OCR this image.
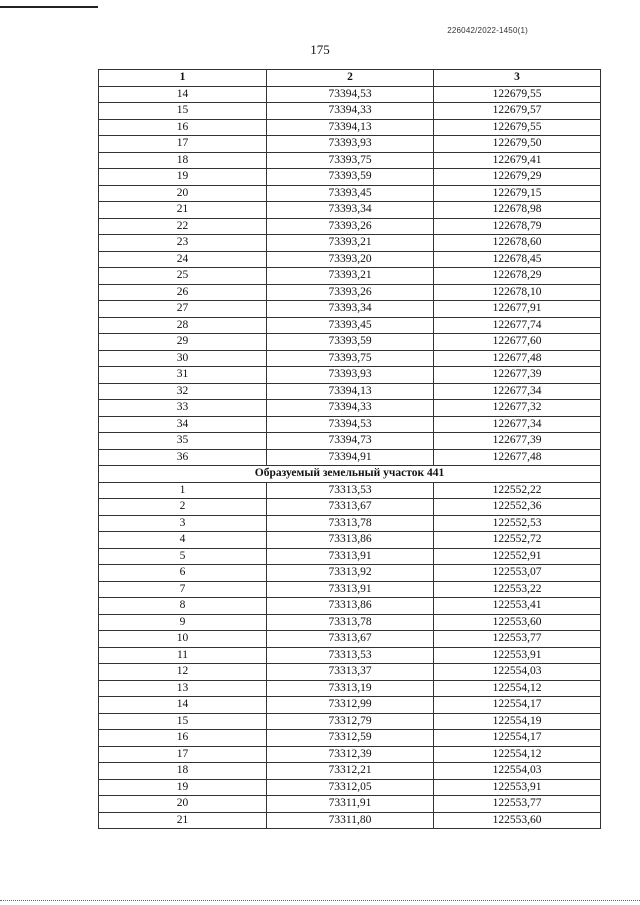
226042/2022-1450(1)
175
1	2	3
14	73394,53	122679,55
15	73394,33	122679,57
16	73394,13	122679,55
17	73393,93	122679,50
18	73393,75	122679,41
19	73393,59	122679,29
20	73393,45	122679,15
21	73393,34	122678,98
22	73393,26	122678,79
23	73393,21	122678,60
24	73393,20	122678,45
25	73393,21	122678,29
26	73393,26	122678,10
27	73393,34	122677,91
28	73393,45	122677,74
29	73393,59	122677,60
30	73393,75	122677,48
31	73393,93	122677,39
32	73394,13	122677,34
33	73394,33	122677,32
34	73394,53	122677,34
35	73394,73	122677,39
36	73394,91	122677,48
Образуемый земельный участок 441		
1	73313,53	122552,22
2	73313,67	122552,36
3	73313,78	122552,53
4	73313,86	122552,72
5	73313,91	122552,91
6	73313,92	122553,07
7	73313,91	122553,22
8	73313,86	122553,41
9	73313,78	122553,60
10	73313,67	122553,77
11	73313,53	122553,91
12	73313,37	122554,03
13	73313,19	122554,12
14	73312,99	122554,17
15	73312,79	122554,19
16	73312,59	122554,17
17	73312,39	122554,12
18	73312,21	122554,03
19	73312,05	122553,91
20	73311,91	122553,77
21	73311,80	122553,60
